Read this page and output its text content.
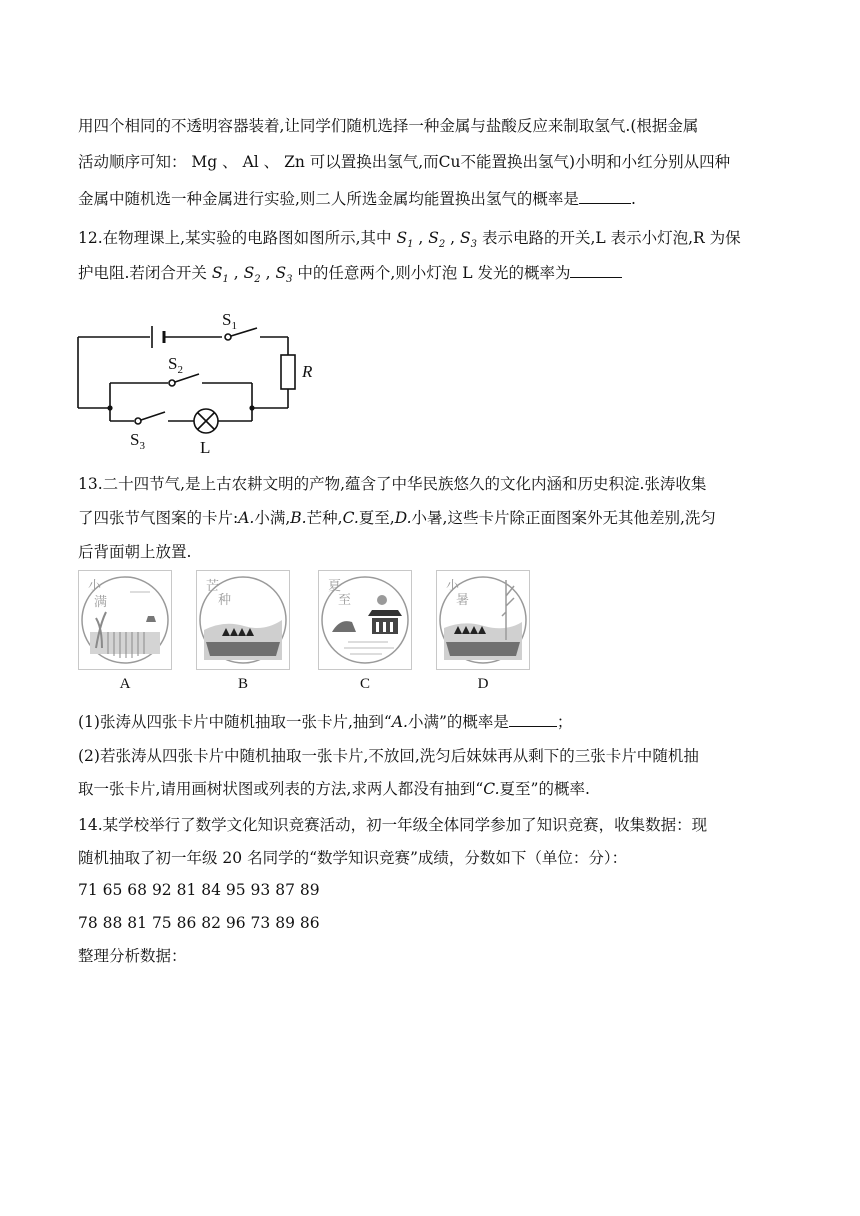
用四个相同的不透明容器装着,让同学们随机选择一种金属与盐酸反应来制取氢气.(根据金属
活动顺序可知： Mg 、 Al 、 Zn 可以置换出氢气,而Cu不能置换出氢气)小明和小红分别从四种
金属中随机选一种金属进行实验,则二人所选金属均能置换出氢气的概率是	.
12.在物理课上,某实验的电路图如图所示,其中 $S_1$ , $S_2$ , $S_3$ 表示电路的开关,L 表示小灯泡,R 为保
护电阻.若闭合开关 $S_1$ , $S_2$ , $S_3$ 中的任意两个,则小灯泡 L 发光的概率为
$S_1$
$S_2$
$S_3$
R
L
13.二十四节气,是上古农耕文明的产物,蕴含了中华民族悠久的文化内涵和历史积淀.张涛收集
了四张节气图案的卡片:A.小满,B.芒种,C.夏至,D.小暑,这些卡片除正面图案外无其他差别,洗匀
后背面朝上放置.
小
满
A
芒
种
B
夏
至
C
小
暑
D
(1)张涛从四张卡片中随机抽取一张卡片,抽到“A.小满”的概率是	；
(2)若张涛从四张卡片中随机抽取一张卡片,不放回,洗匀后妹妹再从剩下的三张卡片中随机抽
取一张卡片,请用画树状图或列表的方法,求两人都没有抽到“C.夏至”的概率.
14.某学校举行了数学文化知识竞赛活动，初一年级全体同学参加了知识竞赛，收集数据：现
随机抽取了初一年级 20 名同学的“数学知识竞赛”成绩，分数如下（单位：分）：
71 65 68 92 81 84 95 93 87 89
78 88 81 75 86 82 96 73 89 86
整理分析数据：
